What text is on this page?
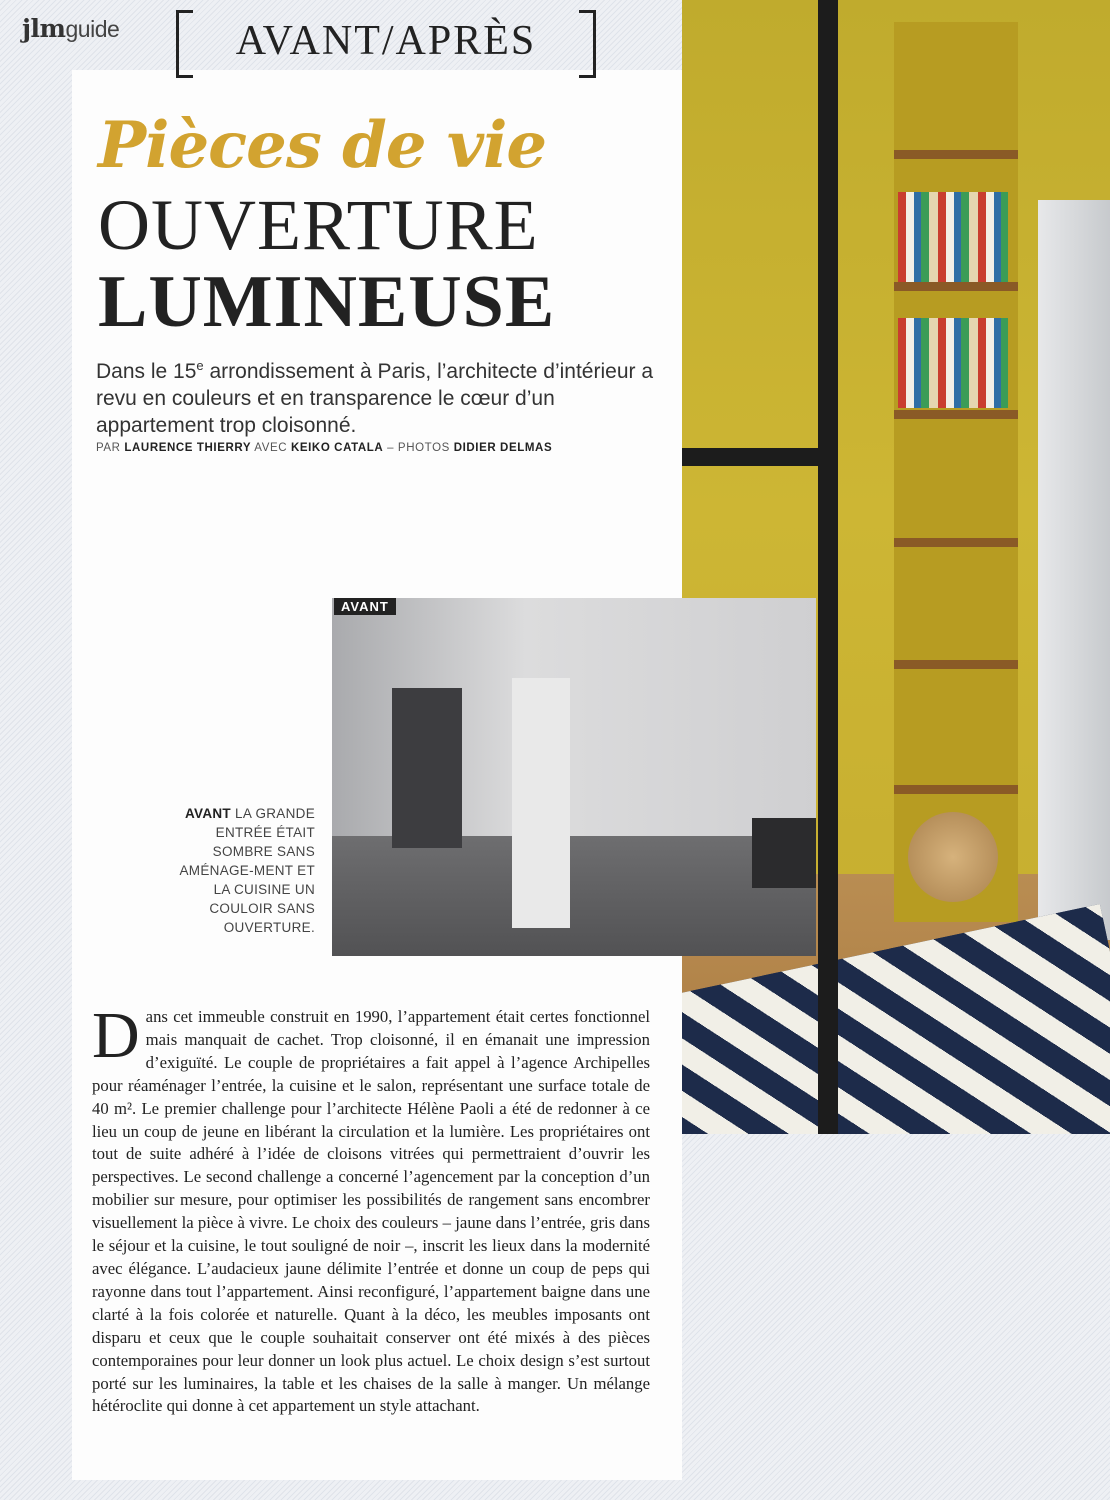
jlmguide	AVANT/APRÈS
Pièces de vie
OUVERTURE
LUMINEUSE
Dans le 15e arrondissement à Paris, l’architecte d’intérieur a revu en couleurs et en transparence le cœur d’un appartement trop cloisonné.
PAR LAURENCE THIERRY AVEC KEIKO CATALA – PHOTOS DIDIER DELMAS
AVANT
AVANT LA GRANDE ENTRÉE ÉTAIT SOMBRE SANS AMÉNAGE-MENT ET LA CUISINE UN COULOIR SANS OUVERTURE.
Dans cet immeuble construit en 1990, l’appartement était certes fonctionnel mais manquait de cachet. Trop cloisonné, il en émanait une impression d’exiguïté. Le couple de propriétaires a fait appel à l’agence Archipelles pour réaménager l’entrée, la cuisine et le salon, représentant une surface totale de 40 m². Le premier challenge pour l’architecte Hélène Paoli a été de redonner à ce lieu un coup de jeune en libérant la circulation et la lumière. Les propriétaires ont tout de suite adhéré à l’idée de cloisons vitrées qui permettraient d’ouvrir les perspectives. Le second challenge a concerné l’agencement par la conception d’un mobilier sur mesure, pour optimiser les possibilités de rangement sans encombrer visuellement la pièce à vivre. Le choix des couleurs – jaune dans l’entrée, gris dans le séjour et la cuisine, le tout souligné de noir –, inscrit les lieux dans la modernité avec élégance. L’audacieux jaune délimite l’entrée et donne un coup de peps qui rayonne dans tout l’appartement. Ainsi reconfiguré, l’appartement baigne dans une clarté à la fois colorée et naturelle. Quant à la déco, les meubles imposants ont disparu et ceux que le couple souhaitait conserver ont été mixés à des pièces contemporaines pour leur donner un look plus actuel. Le choix design s’est surtout porté sur les luminaires, la table et les chaises de la salle à manger. Un mélange hétéroclite qui donne à cet appartement un style attachant.
